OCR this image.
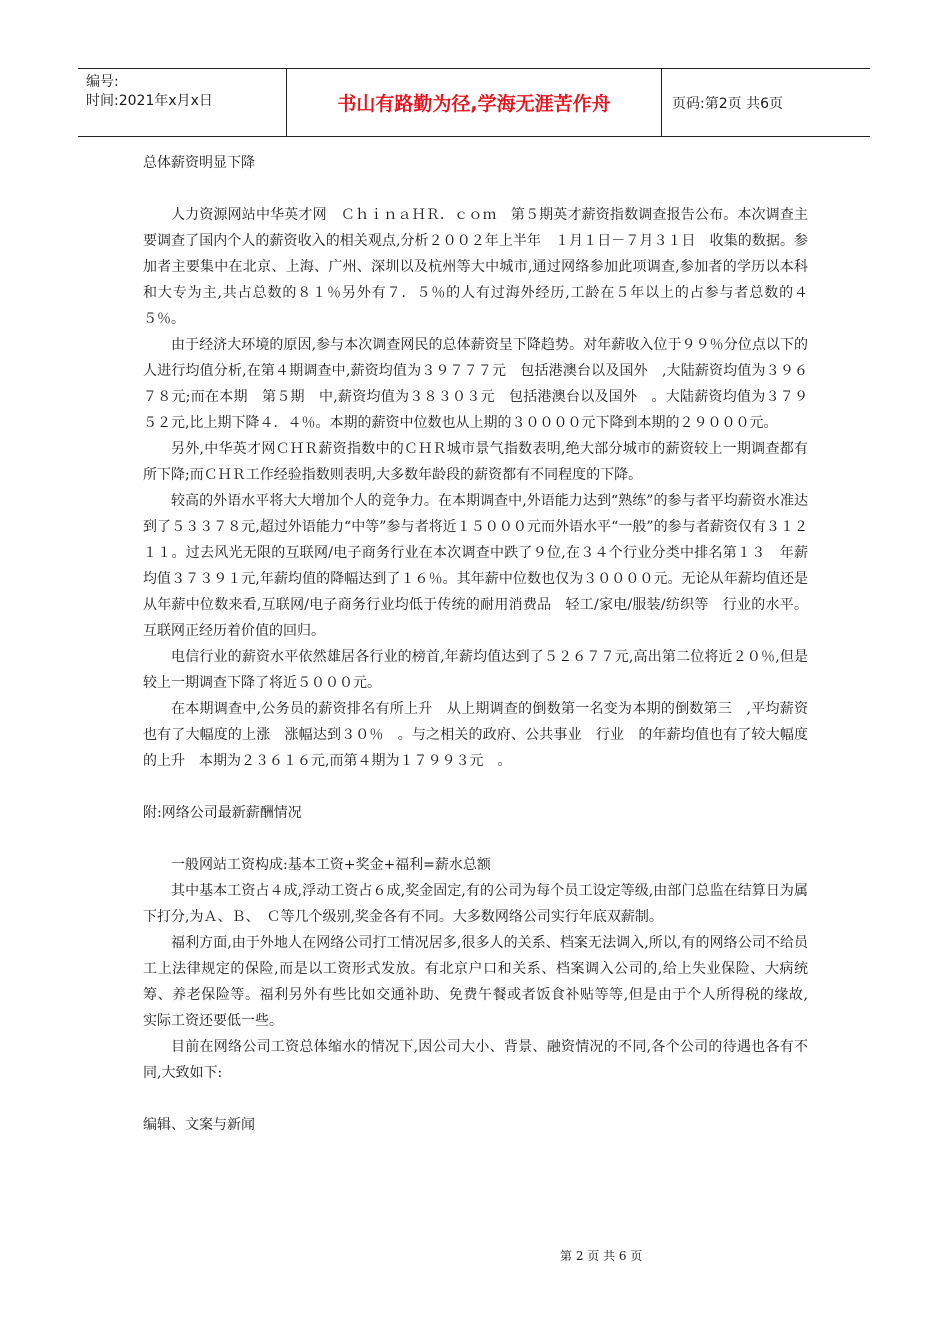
编号:
时间:2021年x月x日	书山有路勤为径,学海无涯苦作舟	页码:第2页 共6页

总体薪资明显下降

人力资源网站中华英才网　ＣｈｉｎａＨＲ．ｃｏｍ　第５期英才薪资指数调查报告公布。本次调查主要调查了国内个人的薪资收入的相关观点,分析２００２年上半年　１月１日－７月３１日　收集的数据。参加者主要集中在北京、上海、广州、深圳以及杭州等大中城市,通过网络参加此项调查,参加者的学历以本科和大专为主,共占总数的８１％另外有７．５％的人有过海外经历,工龄在５年以上的占参与者总数的４５％。

由于经济大环境的原因,参与本次调查网民的总体薪资呈下降趋势。对年薪收入位于９９％分位点以下的人进行均值分析,在第４期调查中,薪资均值为３９７７７元　包括港澳台以及国外　,大陆薪资均值为３９６７８元;而在本期　第５期　中,薪资均值为３８３０３元　包括港澳台以及国外　。大陆薪资均值为３７９５２元,比上期下降４．４％。本期的薪资中位数也从上期的３００００元下降到本期的２９０００元。

另外,中华英才网ＣＨＲ薪资指数中的ＣＨＲ城市景气指数表明,绝大部分城市的薪资较上一期调查都有所下降;而ＣＨＲ工作经验指数则表明,大多数年龄段的薪资都有不同程度的下降。

较高的外语水平将大大增加个人的竞争力。在本期调查中,外语能力达到“熟练”的参与者平均薪资水准达到了５３３７８元,超过外语能力“中等”参与者将近１５０００元而外语水平“一般”的参与者薪资仅有３１２１１。过去风光无限的互联网/电子商务行业在本次调查中跌了９位,在３４个行业分类中排名第１３　年薪均值３７３９１元,年薪均值的降幅达到了１６％。其年薪中位数也仅为３００００元。无论从年薪均值还是从年薪中位数来看,互联网/电子商务行业均低于传统的耐用消费品　轻工/家电/服装/纺织等　行业的水平。互联网正经历着价值的回归。

电信行业的薪资水平依然雄居各行业的榜首,年薪均值达到了５２６７７元,高出第二位将近２０％,但是较上一期调查下降了将近５０００元。

在本期调查中,公务员的薪资排名有所上升　从上期调查的倒数第一名变为本期的倒数第三　,平均薪资也有了大幅度的上涨　涨幅达到３０％　。与之相关的政府、公共事业　行业　的年薪均值也有了较大幅度的上升　本期为２３６１６元,而第４期为１７９９３元　。

附:网络公司最新薪酬情况

一般网站工资构成:基本工资+奖金+福利=薪水总额

其中基本工资占４成,浮动工资占６成,奖金固定,有的公司为每个员工设定等级,由部门总监在结算日为属下打分,为Ａ、Ｂ、　Ｃ等几个级别,奖金各有不同。大多数网络公司实行年底双薪制。

福利方面,由于外地人在网络公司打工情况居多,很多人的关系、档案无法调入,所以,有的网络公司不给员工上法律规定的保险,而是以工资形式发放。有北京户口和关系、档案调入公司的,给上失业保险、大病统筹、养老保险等。福利另外有些比如交通补助、免费午餐或者饭食补贴等等,但是由于个人所得税的缘故,　实际工资还要低一些。

目前在网络公司工资总体缩水的情况下,因公司大小、背景、融资情况的不同,各个公司的待遇也各有不同,大致如下:

编辑、文案与新闻

第 2 页 共 6 页
